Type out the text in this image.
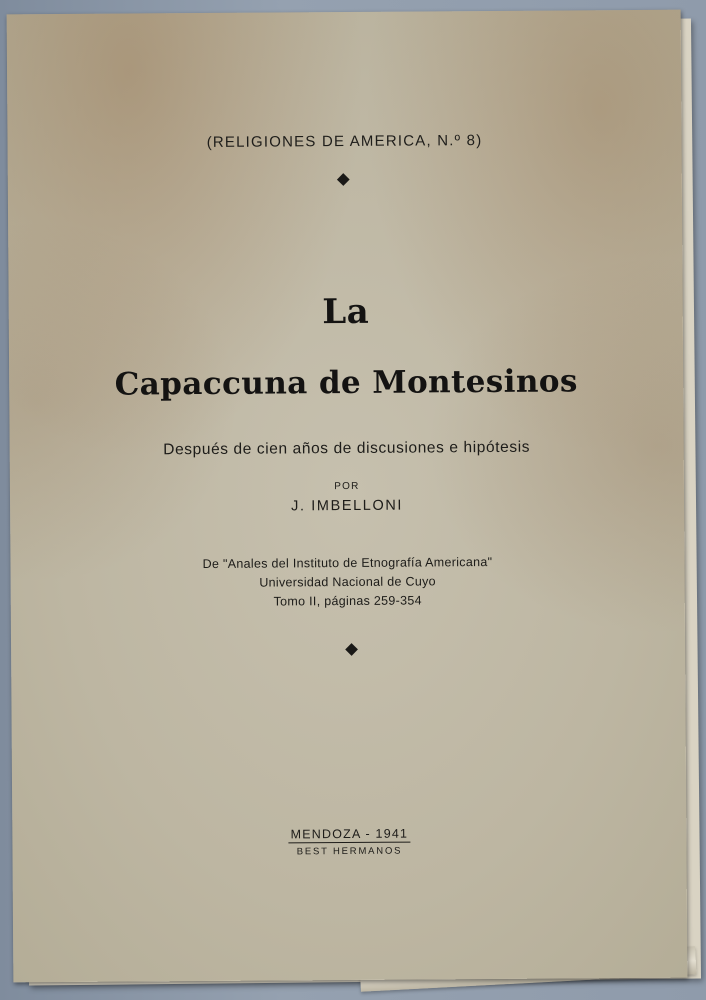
(RELIGIONES DE AMERICA, N.º 8)
La
Capaccuna de Montesinos
Después de cien años de discusiones e hipótesis
POR
J. IMBELLONI
De "Anales del Instituto de Etnografía Americana"
Universidad Nacional de Cuyo
Tomo II, páginas 259-354
MENDOZA - 1941
BEST HERMANOS
